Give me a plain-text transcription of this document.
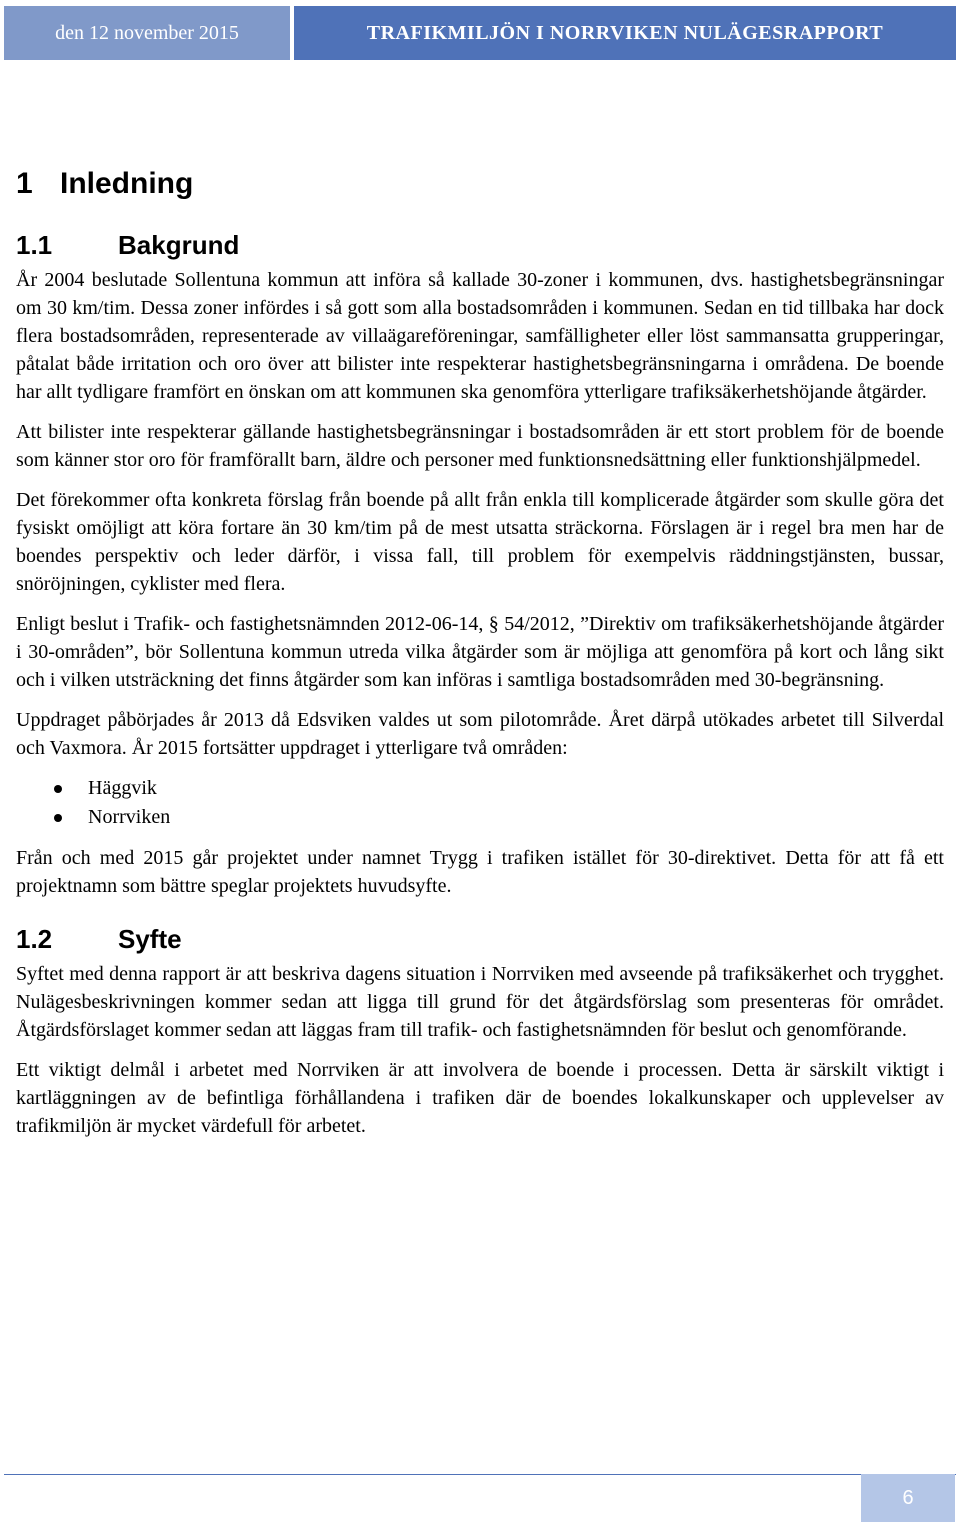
den 12 november 2015	TRAFIKMILJÖN I NORRVIKEN NULÄGESRAPPORT
1 Inledning
1.1	Bakgrund

År 2004 beslutade Sollentuna kommun att införa så kallade 30-zoner i kommunen, dvs. hastighetsbegränsningar om 30 km/tim. Dessa zoner infördes i så gott som alla bostadsområden i kommunen. Sedan en tid tillbaka har dock flera bostadsområden, representerade av villaägareföreningar, samfälligheter eller löst sammansatta grupperingar, påtalat både irritation och oro över att bilister inte respekterar hastighetsbegränsningarna i områdena. De boende har allt tydligare framfört en önskan om att kommunen ska genomföra ytterligare trafiksäkerhetshöjande åtgärder.

Att bilister inte respekterar gällande hastighetsbegränsningar i bostadsområden är ett stort problem för de boende som känner stor oro för framförallt barn, äldre och personer med funktionsnedsättning eller funktionshjälpmedel.

Det förekommer ofta konkreta förslag från boende på allt från enkla till komplicerade åtgärder som skulle göra det fysiskt omöjligt att köra fortare än 30 km/tim på de mest utsatta sträckorna. Förslagen är i regel bra men har de boendes perspektiv och leder därför, i vissa fall, till problem för exempelvis räddningstjänsten, bussar, snöröjningen, cyklister med flera.

Enligt beslut i Trafik- och fastighetsnämnden 2012-06-14, § 54/2012, ”Direktiv om trafiksäkerhetshöjande åtgärder i 30-områden”, bör Sollentuna kommun utreda vilka åtgärder som är möjliga att genomföra på kort och lång sikt och i vilken utsträckning det finns åtgärder som kan införas i samtliga bostadsområden med 30-begränsning.

Uppdraget påbörjades år 2013 då Edsviken valdes ut som pilotområde. Året därpå utökades arbetet till Silverdal och Vaxmora. År 2015 fortsätter uppdraget i ytterligare två områden:

Häggvik
Norrviken

Från och med 2015 går projektet under namnet Trygg i trafiken istället för 30-direktivet. Detta för att få ett projektnamn som bättre speglar projektets huvudsyfte.

1.2	Syfte

Syftet med denna rapport är att beskriva dagens situation i Norrviken med avseende på trafiksäkerhet och trygghet. Nulägesbeskrivningen kommer sedan att ligga till grund för det åtgärdsförslag som presenteras för området. Åtgärdsförslaget kommer sedan att läggas fram till trafik- och fastighetsnämnden för beslut och genomförande.

Ett viktigt delmål i arbetet med Norrviken är att involvera de boende i processen. Detta är särskilt viktigt i kartläggningen av de befintliga förhållandena i trafiken där de boendes lokalkunskaper och upplevelser av trafikmiljön är mycket värdefull för arbetet.

6
